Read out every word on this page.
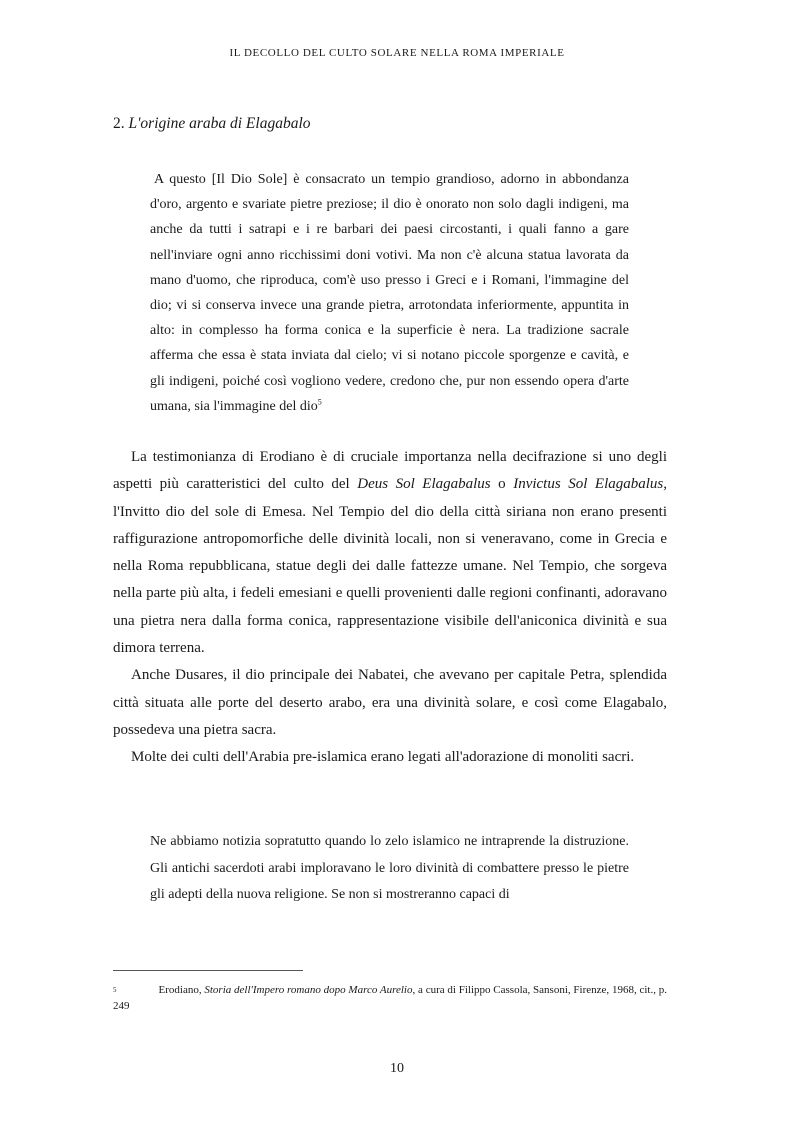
IL DECOLLO DEL CULTO SOLARE NELLA ROMA IMPERIALE
2. L'origine araba di Elagabalo

A questo [Il Dio Sole] è consacrato un tempio grandioso, adorno in abbondanza d'oro, argento e svariate pietre preziose; il dio è onorato non solo dagli indigeni, ma anche da tutti i satrapi e i re barbari dei paesi circostanti, i quali fanno a gare nell'inviare ogni anno ricchissimi doni votivi. Ma non c'è alcuna statua lavorata da mano d'uomo, che riproduca, com'è uso presso i Greci e i Romani, l'immagine del dio; vi si conserva invece una grande pietra, arrotondata inferiormente, appuntita in alto: in complesso ha forma conica e la superficie è nera. La tradizione sacrale afferma che essa è stata inviata dal cielo; vi si notano piccole sporgenze e cavità, e gli indigeni, poiché così vogliono vedere, credono che, pur non essendo opera d'arte umana, sia l'immagine del dio$^5$

La testimonianza di Erodiano è di cruciale importanza nella decifrazione si uno degli aspetti più caratteristici del culto del Deus Sol Elagabalus o Invictus Sol Elagabalus, l'Invitto dio del sole di Emesa. Nel Tempio del dio della città siriana non erano presenti raffigurazione antropomorfiche delle divinità locali, non si veneravano, come in Grecia e nella Roma repubblicana, statue degli dei dalle fattezze umane. Nel Tempio, che sorgeva nella parte più alta, i fedeli emesiani e quelli provenienti dalle regioni confinanti, adoravano una pietra nera dalla forma conica, rappresentazione visibile dell'aniconica divinità e sua dimora terrena.

Anche Dusares, il dio principale dei Nabatei, che avevano per capitale Petra, splendida città situata alle porte del deserto arabo, era una divinità solare, e così come Elagabalo, possedeva una pietra sacra.

Molte dei culti dell'Arabia pre-islamica erano legati all'adorazione di monoliti sacri.

Ne abbiamo notizia sopratutto quando lo zelo islamico ne intraprende la distruzione. Gli antichi sacerdoti arabi imploravano le loro divinità di combattere presso le pietre gli adepti della nuova religione. Se non si mostreranno capaci di

$^5$	Erodiano, Storia dell'Impero romano dopo Marco Aurelio, a cura di Filippo Cassola, Sansoni, Firenze, 1968, cit., p. 249
10
